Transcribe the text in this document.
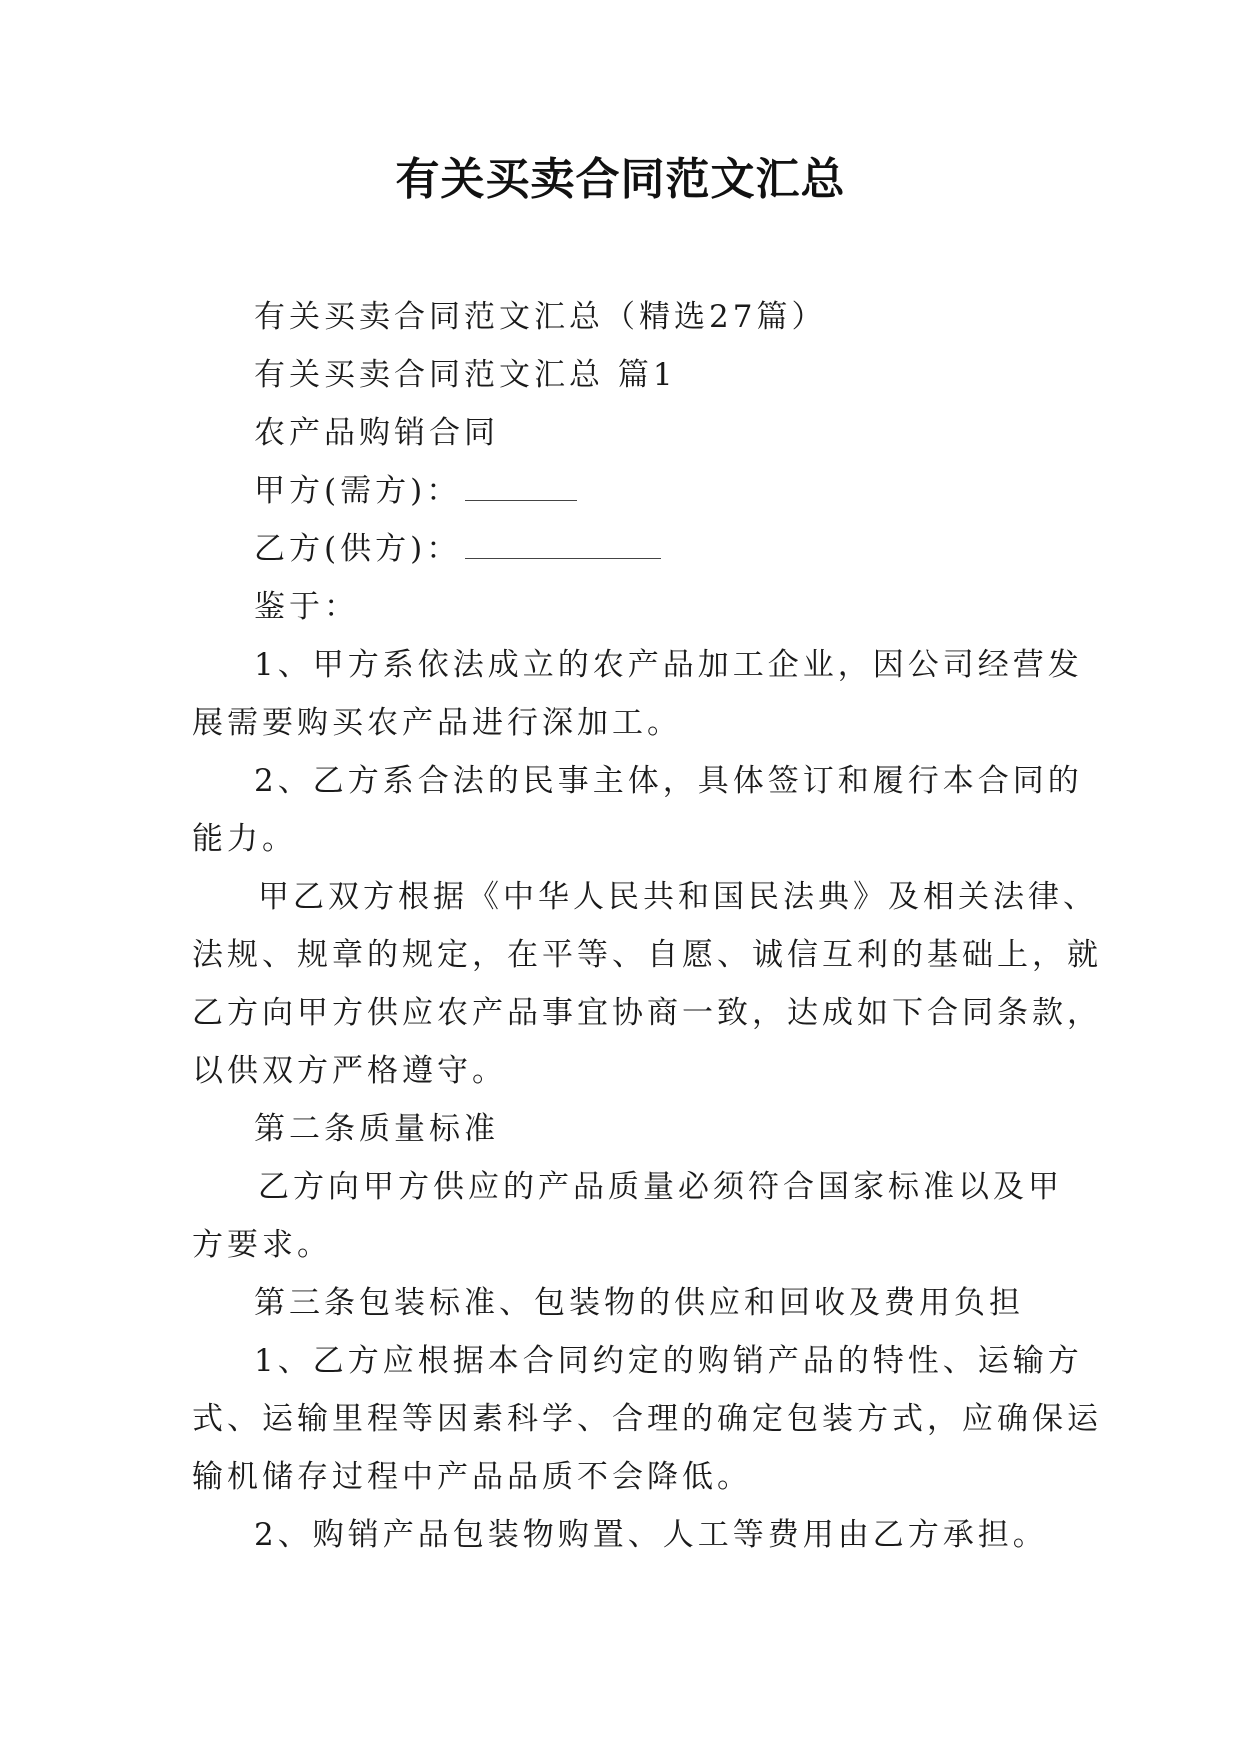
有关买卖合同范文汇总

有关买卖合同范文汇总（精选27篇）

有关买卖合同范文汇总 篇1

农产品购销合同

甲方(需方)：

乙方(供方)：

鉴于：

1、甲方系依法成立的农产品加工企业，因公司经营发

展需要购买农产品进行深加工。

2、乙方系合法的民事主体，具体签订和履行本合同的

能力。

甲乙双方根据《中华人民共和国民法典》及相关法律、

法规、规章的规定，在平等、自愿、诚信互利的基础上，就

乙方向甲方供应农产品事宜协商一致，达成如下合同条款，

以供双方严格遵守。

第二条质量标准

乙方向甲方供应的产品质量必须符合国家标准以及甲

方要求。

第三条包装标准、包装物的供应和回收及费用负担

1、乙方应根据本合同约定的购销产品的特性、运输方

式、运输里程等因素科学、合理的确定包装方式，应确保运

输机储存过程中产品品质不会降低。

2、购销产品包装物购置、人工等费用由乙方承担。
